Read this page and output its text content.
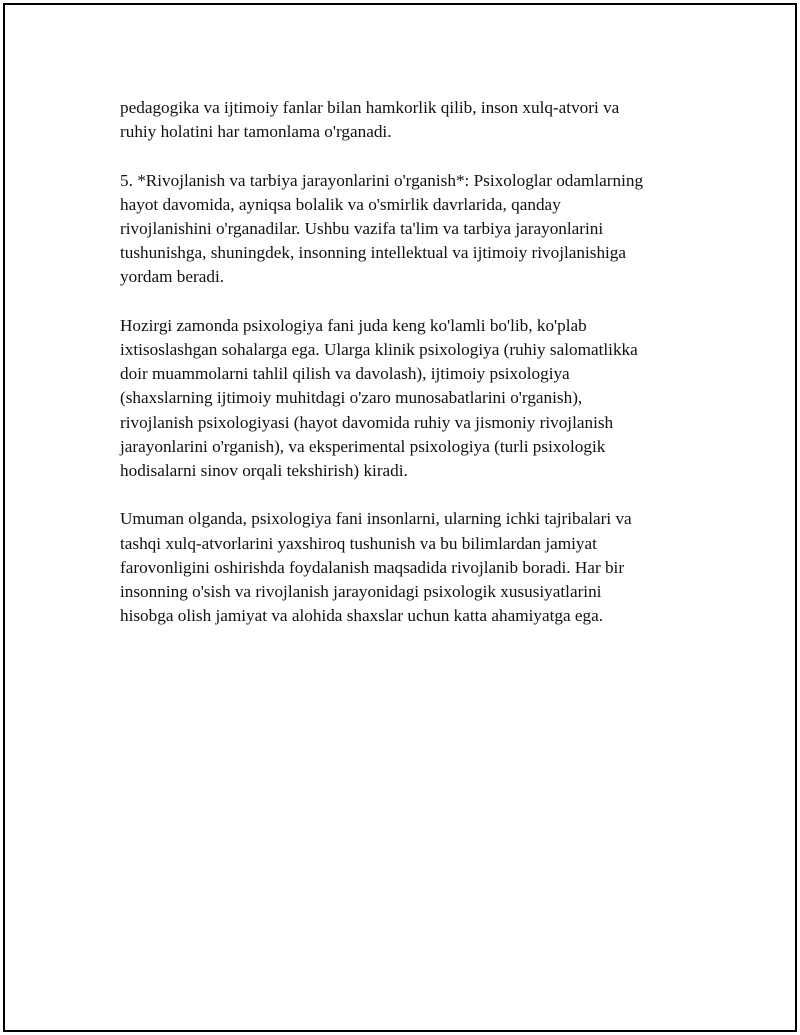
pedagogika va ijtimoiy fanlar bilan hamkorlik qilib, inson xulq-atvori va
ruhiy holatini har tamonlama o'rganadi.

5. *Rivojlanish va tarbiya jarayonlarini o'rganish*: Psixologlar odamlarning
hayot davomida, ayniqsa bolalik va o'smirlik davrlarida, qanday
rivojlanishini o'rganadilar. Ushbu vazifa ta'lim va tarbiya jarayonlarini
tushunishga, shuningdek, insonning intellektual va ijtimoiy rivojlanishiga
yordam beradi.

Hozirgi zamonda psixologiya fani juda keng ko'lamli bo'lib, ko'plab
ixtisoslashgan sohalarga ega. Ularga klinik psixologiya (ruhiy salomatlikka
doir muammolarni tahlil qilish va davolash), ijtimoiy psixologiya
(shaxslarning ijtimoiy muhitdagi o'zaro munosabatlarini o'rganish),
rivojlanish psixologiyasi (hayot davomida ruhiy va jismoniy rivojlanish
jarayonlarini o'rganish), va eksperimental psixologiya (turli psixologik
hodisalarni sinov orqali tekshirish) kiradi.

Umuman olganda, psixologiya fani insonlarni, ularning ichki tajribalari va
tashqi xulq-atvorlarini yaxshiroq tushunish va bu bilimlardan jamiyat
farovonligini oshirishda foydalanish maqsadida rivojlanib boradi. Har bir
insonning o'sish va rivojlanish jarayonidagi psixologik xususiyatlarini
hisobga olish jamiyat va alohida shaxslar uchun katta ahamiyatga ega.
